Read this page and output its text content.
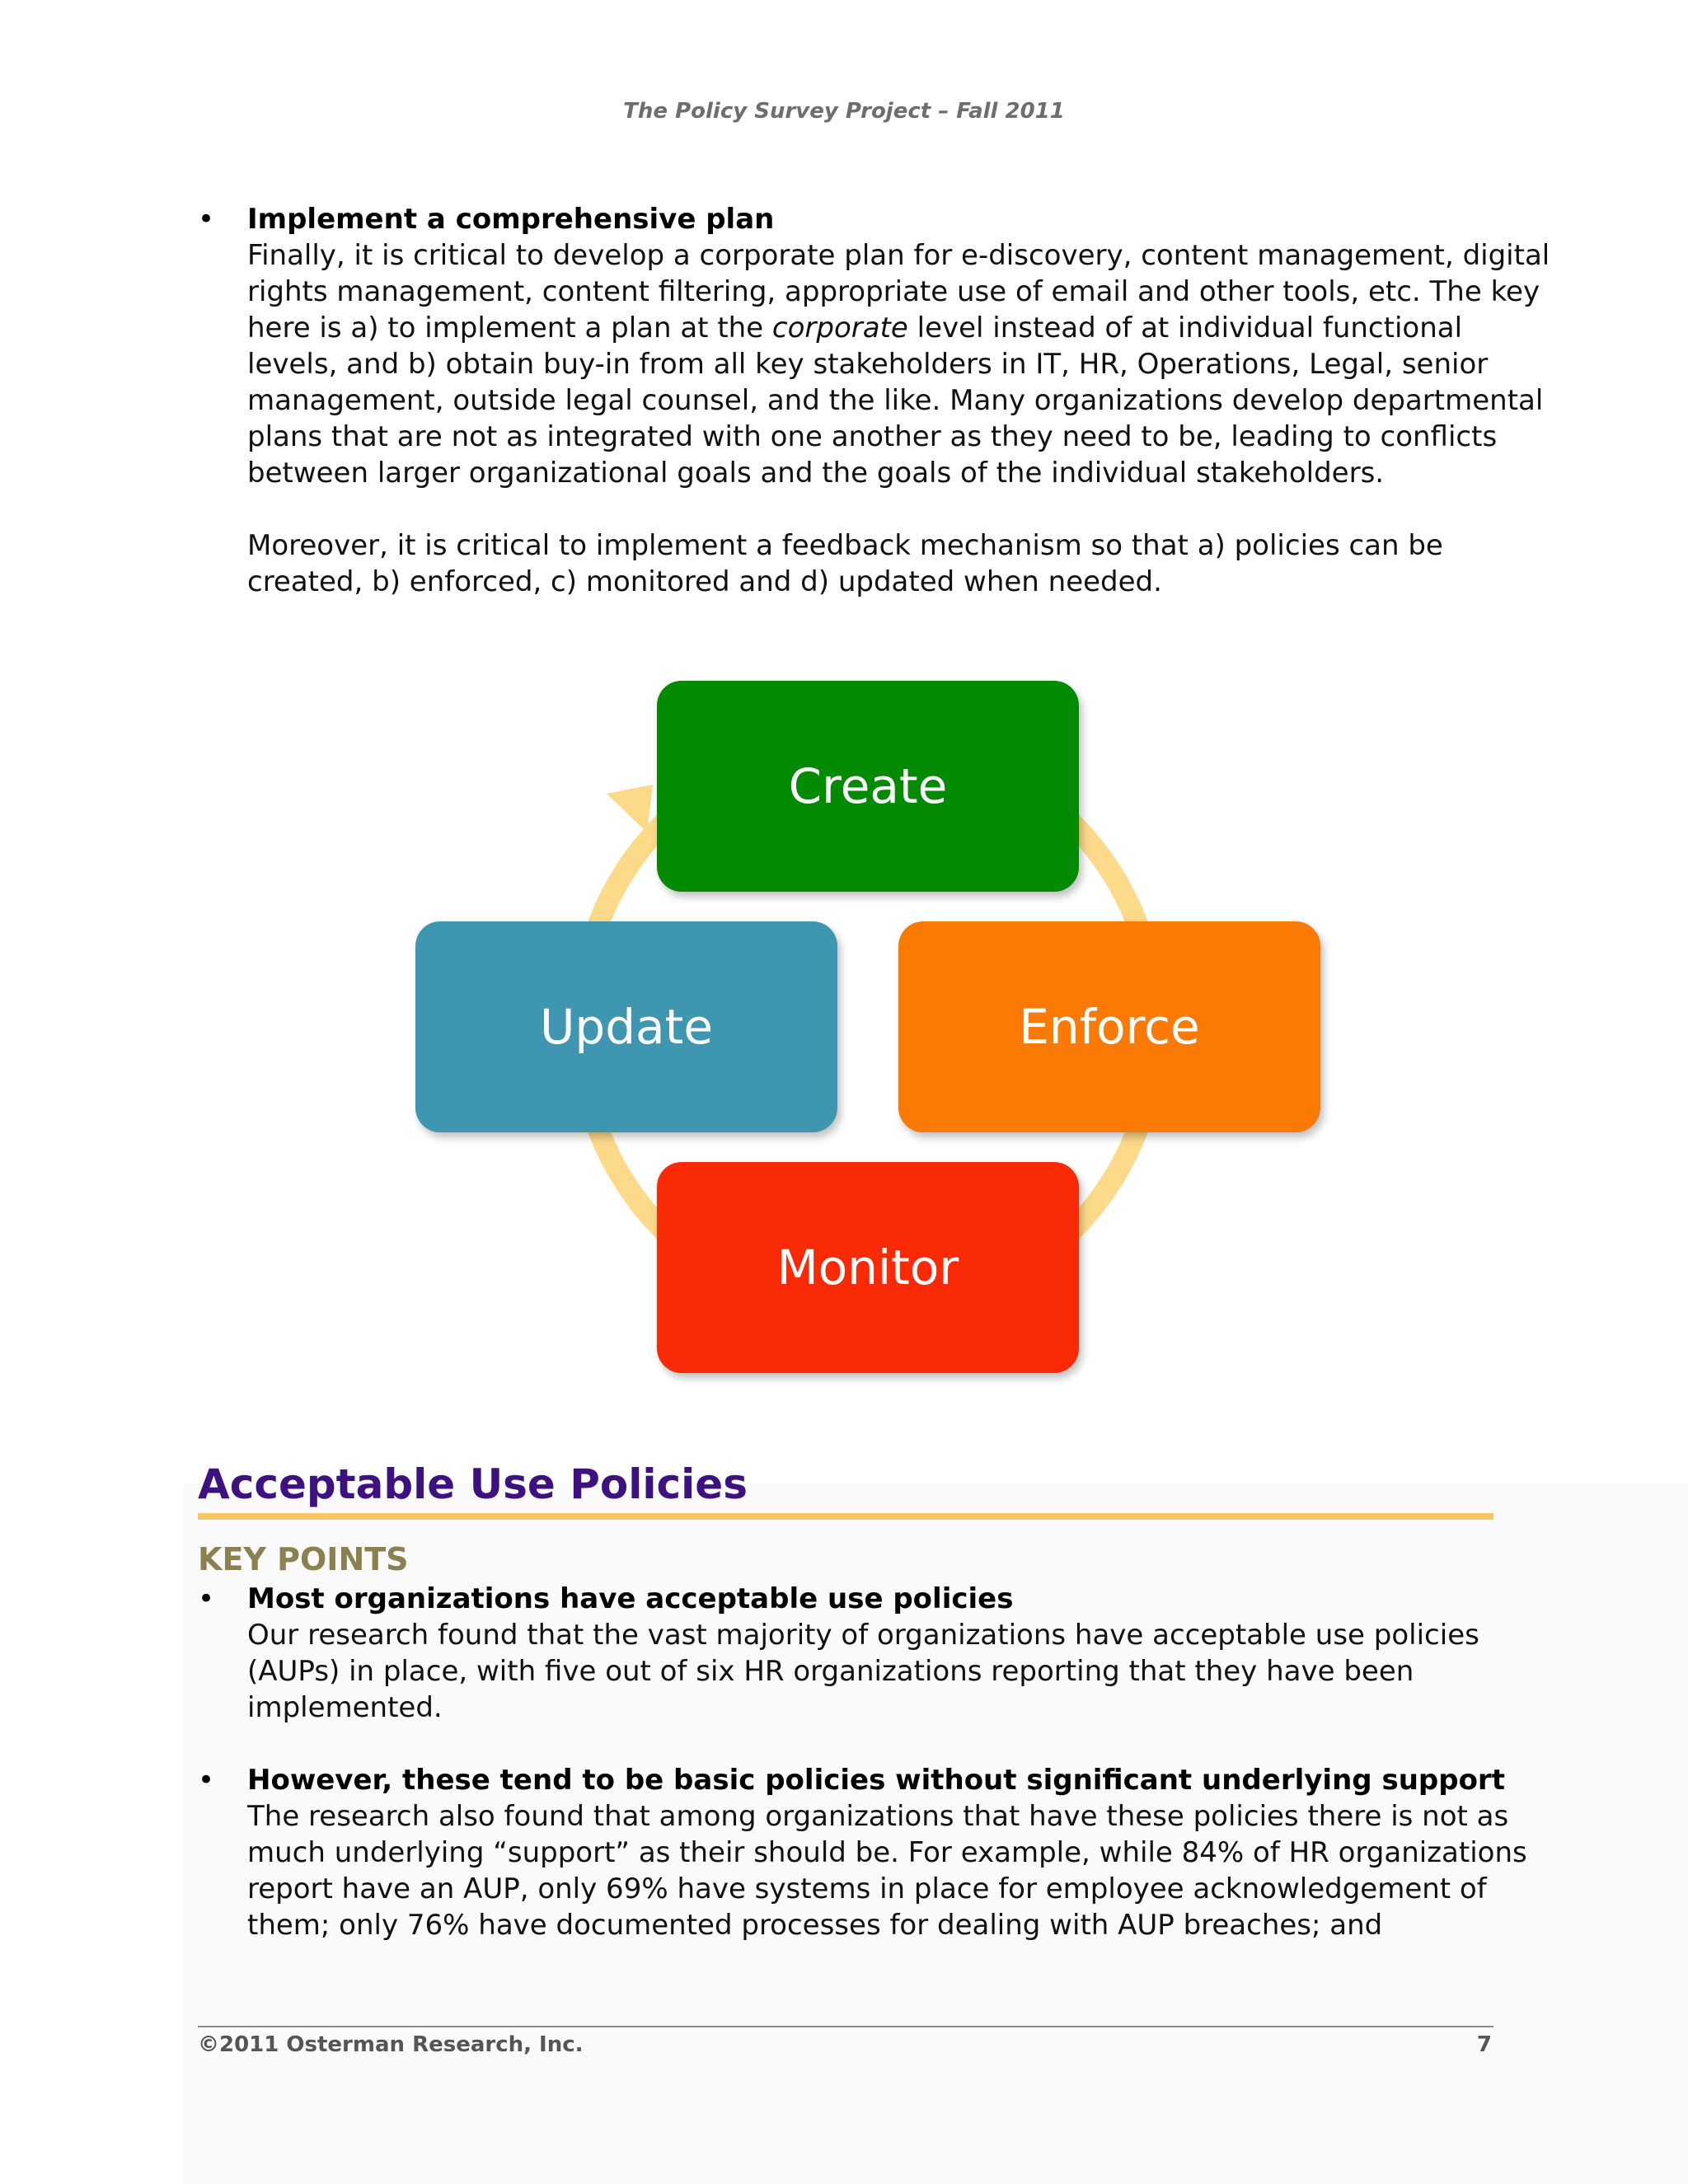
The Policy Survey Project – Fall 2011
• Implement a comprehensive plan

Finally, it is critical to develop a corporate plan for e-discovery, content management, digital
rights management, content filtering, appropriate use of email and other tools, etc. The key
here is a) to implement a plan at the corporate level instead of at individual functional
levels, and b) obtain buy-in from all key stakeholders in IT, HR, Operations, Legal, senior
management, outside legal counsel, and the like. Many organizations develop departmental
plans that are not as integrated with one another as they need to be, leading to conflicts
between larger organizational goals and the goals of the individual stakeholders.

Moreover, it is critical to implement a feedback mechanism so that a) policies can be
created, b) enforced, c) monitored and d) updated when needed.

Create
Enforce
Monitor
Update
Acceptable Use Policies
KEY POINTS
• Most organizations have acceptable use policies

Our research found that the vast majority of organizations have acceptable use policies
(AUPs) in place, with five out of six HR organizations reporting that they have been
implemented.

• However, these tend to be basic policies without significant underlying support

The research also found that among organizations that have these policies there is not as
much underlying “support” as their should be. For example, while 84% of HR organizations
report have an AUP, only 69% have systems in place for employee acknowledgement of
them; only 76% have documented processes for dealing with AUP breaches; and

©2011 Osterman Research, Inc.	7
